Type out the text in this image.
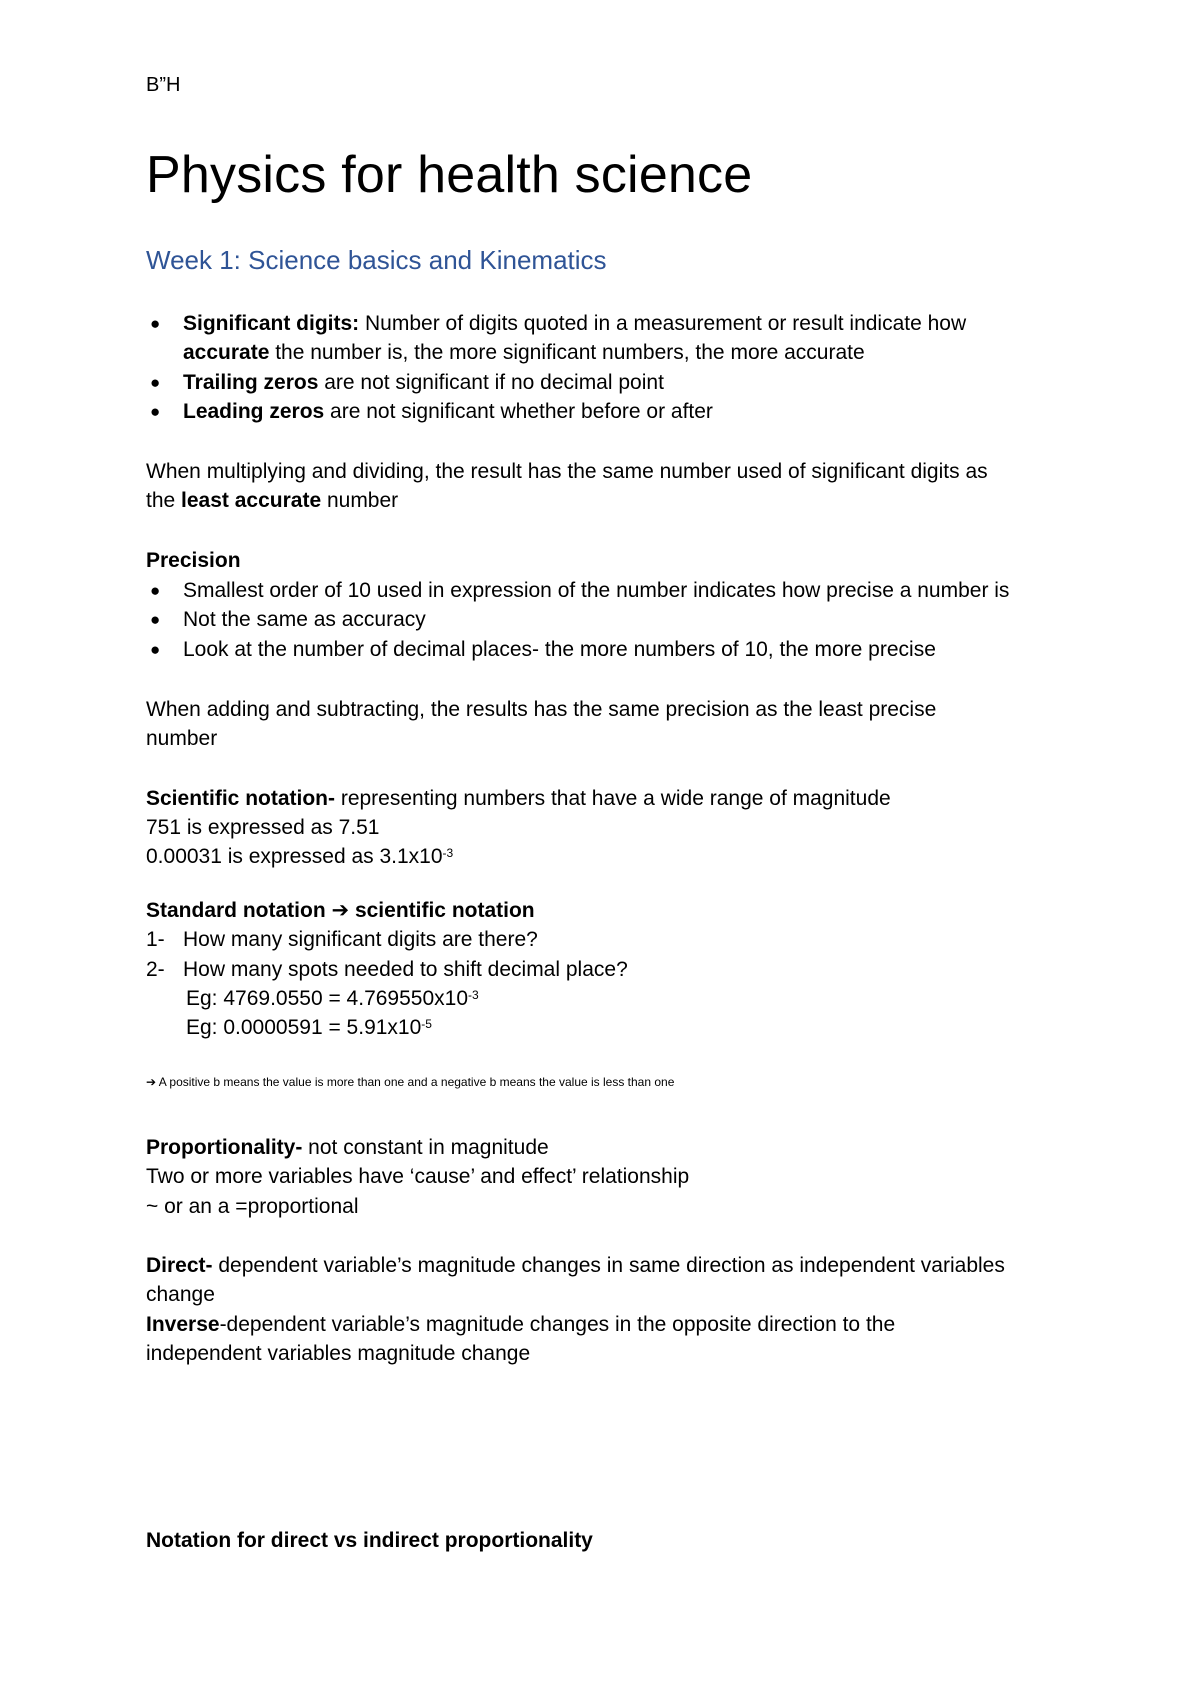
B”H
Physics for health science
Week 1: Science basics and Kinematics
● Significant digits: Number of digits quoted in a measurement or result indicate how
accurate the number is, the more significant numbers, the more accurate
● Trailing zeros are not significant if no decimal point
● Leading zeros are not significant whether before or after
When multiplying and dividing, the result has the same number used of significant digits as
the least accurate number
Precision
● Smallest order of 10 used in expression of the number indicates how precise a number is
● Not the same as accuracy
● Look at the number of decimal places- the more numbers of 10, the more precise
When adding and subtracting, the results has the same precision as the least precise
number
Scientific notation- representing numbers that have a wide range of magnitude
751 is expressed as 7.51
0.00031 is expressed as $3.1x10^{-3}$
Standard notation ➔ scientific notation
1- How many significant digits are there?
2- How many spots needed to shift decimal place?
Eg: $4769.0550 = 4.769550x10^{-3}$
Eg: $0.0000591 = 5.91x10^{-5}$
➔ A positive b means the value is more than one and a negative b means the value is less than one
Proportionality- not constant in magnitude
Two or more variables have ‘cause’ and effect’ relationship
~ or an a =proportional
Direct- dependent variable’s magnitude changes in same direction as independent variables
change
Inverse-dependent variable’s magnitude changes in the opposite direction to the
independent variables magnitude change
Notation for direct vs indirect proportionality
